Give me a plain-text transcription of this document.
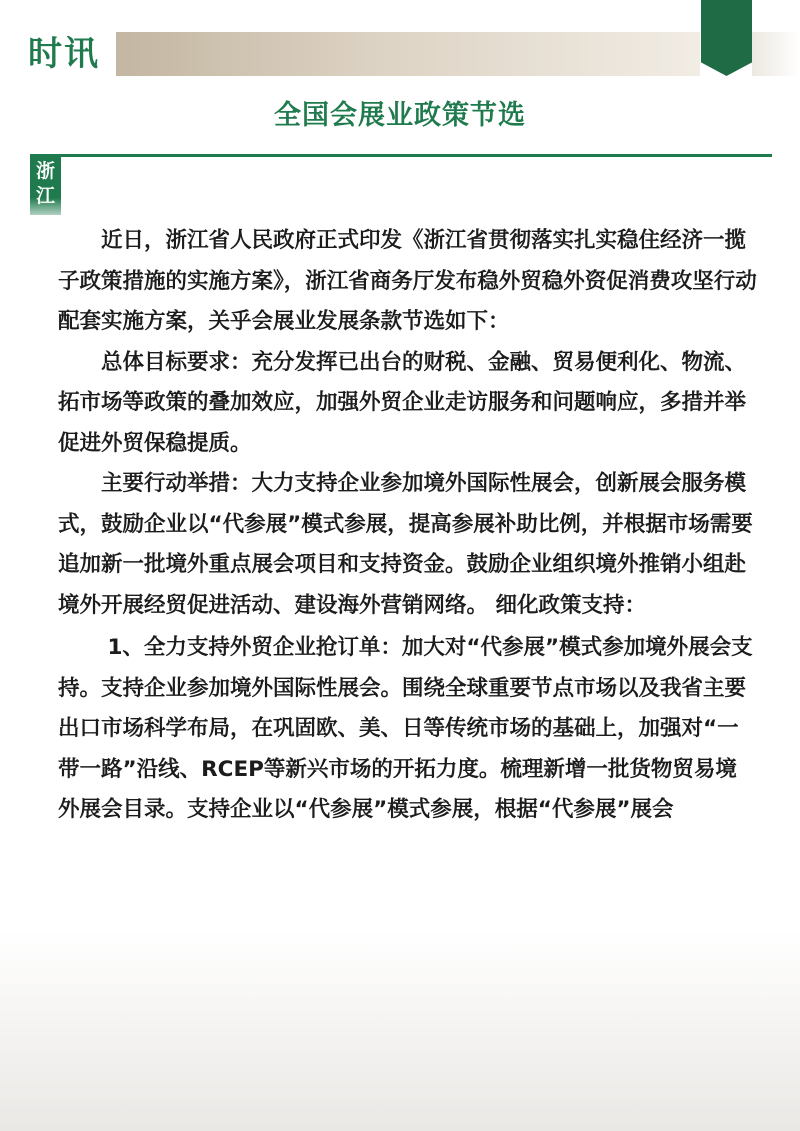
时讯
全国会展业政策节选
浙
江

近日，浙江省人民政府正式印发《浙江省贯彻落实扎实稳住经济一揽子政策措施的实施方案》，浙江省商务厅发布稳外贸稳外资促消费攻坚行动配套实施方案，关乎会展业发展条款节选如下：

总体目标要求：充分发挥已出台的财税、金融、贸易便利化、物流、拓市场等政策的叠加效应，加强外贸企业走访服务和问题响应，多措并举促进外贸保稳提质。

主要行动举措：大力支持企业参加境外国际性展会，创新展会服务模式，鼓励企业以“代参展”模式参展，提高参展补助比例，并根据市场需要追加新一批境外重点展会项目和支持资金。鼓励企业组织境外推销小组赴境外开展经贸促进活动、建设海外营销网络。 细化政策支持：

1、全力支持外贸企业抢订单：加大对“代参展”模式参加境外展会支持。支持企业参加境外国际性展会。围绕全球重要节点市场以及我省主要出口市场科学布局，在巩固欧、美、日等传统市场的基础上，加强对“一带一路”沿线、RCEP等新兴市场的开拓力度。梳理新增一批货物贸易境外展会目录。支持企业以“代参展”模式参展，根据“代参展”展会
